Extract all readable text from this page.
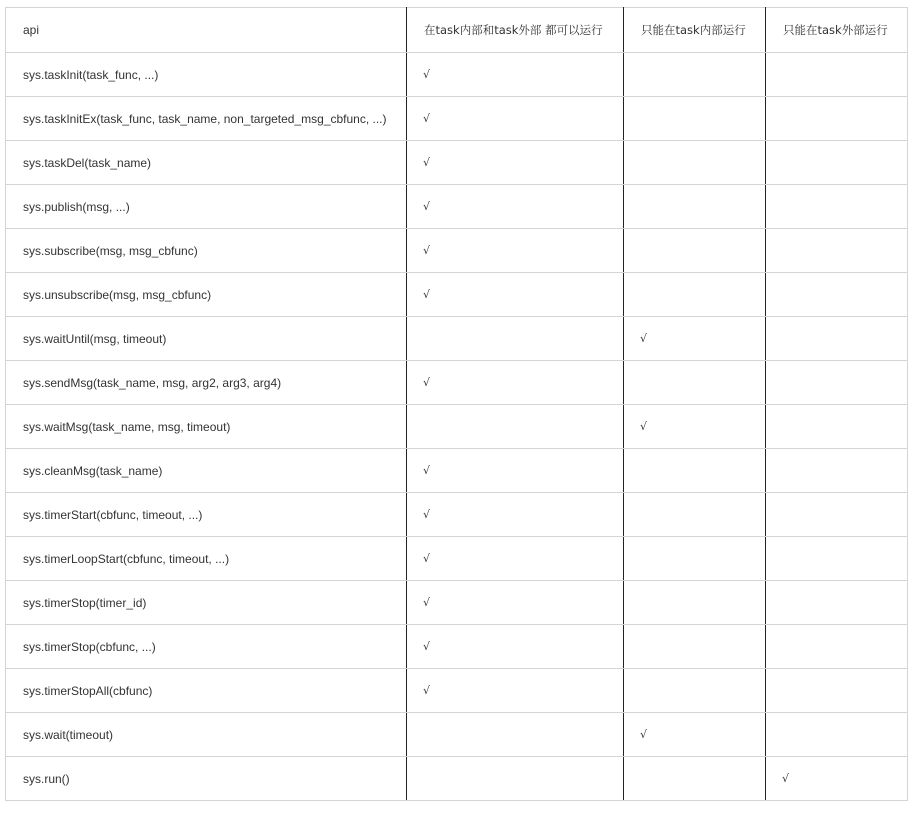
api	在task内部和task外部 都可以运行	只能在task内部运行	只能在task外部运行
sys.taskInit(task_func, ...)	√		
sys.taskInitEx(task_func, task_name, non_targeted_msg_cbfunc, ...)	√		
sys.taskDel(task_name)	√		
sys.publish(msg, ...)	√		
sys.subscribe(msg, msg_cbfunc)	√		
sys.unsubscribe(msg, msg_cbfunc)	√		
sys.waitUntil(msg, timeout)		√	
sys.sendMsg(task_name, msg, arg2, arg3, arg4)	√		
sys.waitMsg(task_name, msg, timeout)		√	
sys.cleanMsg(task_name)	√		
sys.timerStart(cbfunc, timeout, ...)	√		
sys.timerLoopStart(cbfunc, timeout, ...)	√		
sys.timerStop(timer_id)	√		
sys.timerStop(cbfunc, ...)	√		
sys.timerStopAll(cbfunc)	√		
sys.wait(timeout)		√	
sys.run()			√
